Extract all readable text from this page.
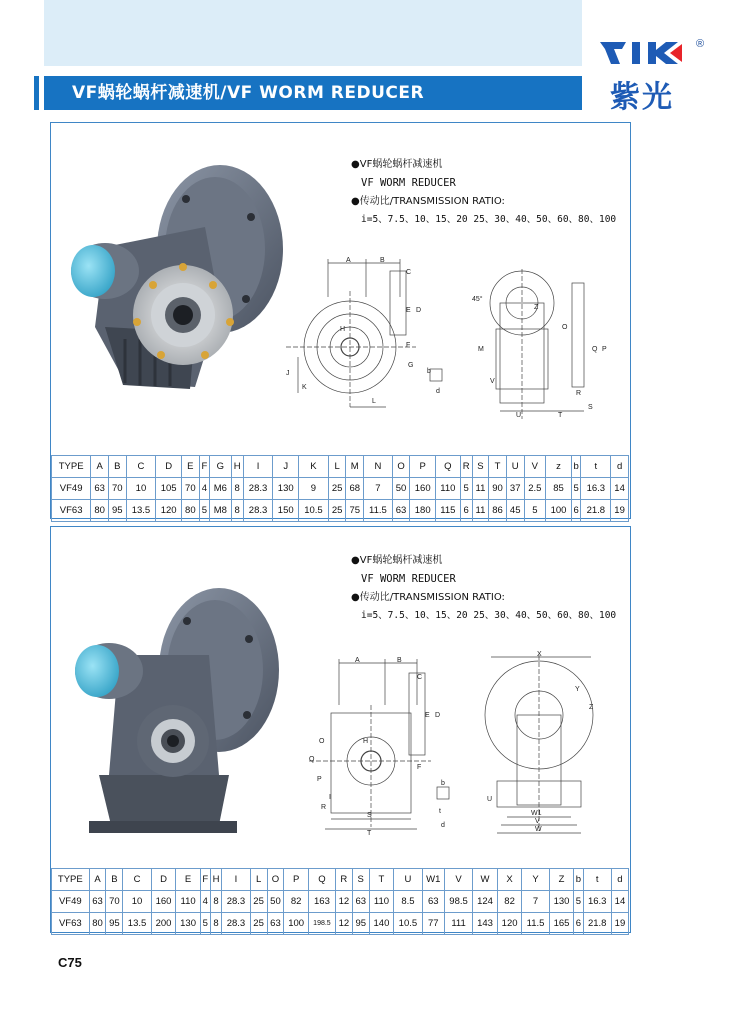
VF蜗轮蜗杆减速机/VF WORM REDUCER
®
紫光
●VF蜗轮蜗杆减速机
VF WORM REDUCER
●传动比/TRANSMISSION RATIO:
i=5、7.5、10、15、20 25、30、40、50、60、80、100
A	B
C
E D
H
F
J
G
K
L
b
d
45°
Z
O
M	Q P
R
V
U	T
S
TYPE	A	B	C	D	E	F	G	H	I	J	K	L	M	N	O	P	Q	R	S	T	U	V	z	b	t	d
VF49	63	70	10	105	70	4	M6	8	28.3	130	9	25	68	7	50	160	110	5	11	90	37	2.5	85	5	16.3	14
VF63	80	95	13.5	120	80	5	M8	8	28.3	150	10.5	25	75	11.5	63	180	115	6	11	86	45	5	100	6	21.8	19
●VF蜗轮蜗杆减速机
VF WORM REDUCER
●传动比/TRANSMISSION RATIO:
i=5、7.5、10、15、20 25、30、40、50、60、80、100
A	B
C
E D
H
F
O
Q
P
R
I
S
T
b
t
d
X
Y
Z
U
W1
V
W
TYPE	A	B	C	D	E	F	H	I	L	O	P	Q	R	S	T	U	W1	V	W	X	Y	Z	b	t	d
VF49	63	70	10	160	110	4	8	28.3	25	50	82	163	12	63	110	8.5	63	98.5	124	82	7	130	5	16.3	14
VF63	80	95	13.5	200	130	5	8	28.3	25	63	100	198.5	12	95	140	10.5	77	111	143	120	11.5	165	6	21.8	19
C75
